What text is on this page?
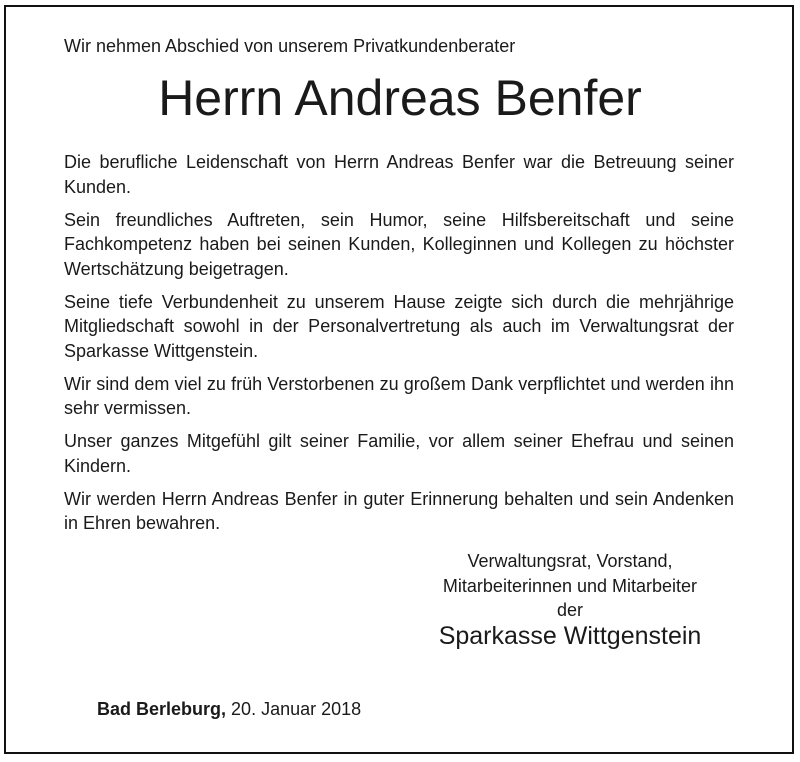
Wir nehmen Abschied von unserem Privatkundenberater
Herrn Andreas Benfer

Die berufliche Leidenschaft von Herrn Andreas Benfer war die Betreuung seiner Kunden.

Sein freundliches Auftreten, sein Humor, seine Hilfsbereitschaft und seine Fachkompetenz haben bei seinen Kunden, Kolleginnen und Kollegen zu höchster Wertschätzung beigetragen.

Seine tiefe Verbundenheit zu unserem Hause zeigte sich durch die mehrjährige Mitgliedschaft sowohl in der Personalvertretung als auch im Verwaltungsrat der Sparkasse Wittgenstein.

Wir sind dem viel zu früh Verstorbenen zu großem Dank verpflichtet und werden ihn sehr vermissen.

Unser ganzes Mitgefühl gilt seiner Familie, vor allem seiner Ehefrau und seinen Kindern.

Wir werden Herrn Andreas Benfer in guter Erinnerung behalten und sein Andenken in Ehren bewahren.

Verwaltungsrat, Vorstand,
Mitarbeiterinnen und Mitarbeiter
der
Sparkasse Wittgenstein
Bad Berleburg, 20. Januar 2018
